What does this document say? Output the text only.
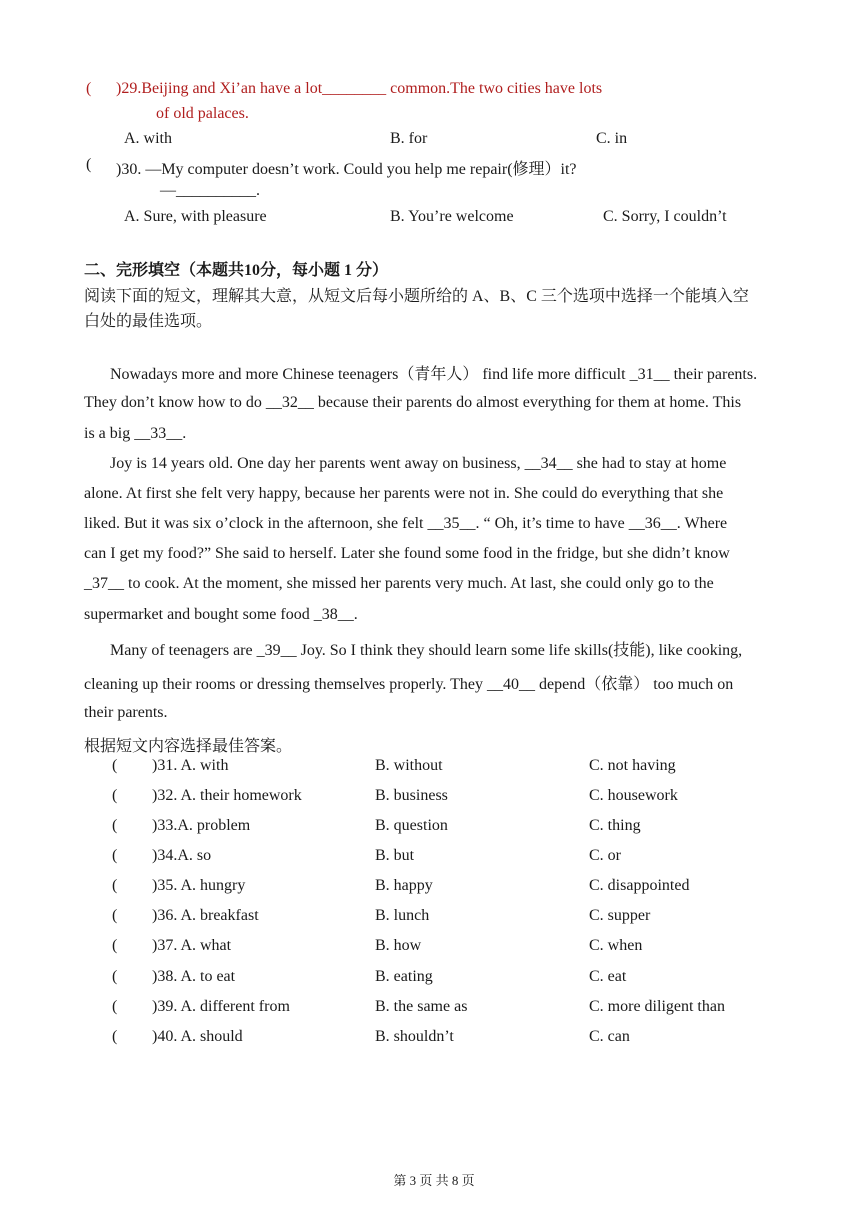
( )29.Beijing and Xi’an have a lot________ common.The two cities have lots
of old palaces.
A. with	B. for	C. in
( )30. —My computer doesn’t work. Could you help me repair(修理）it?
—__________.
A. Sure, with pleasure	B. You’re welcome	C. Sorry, I couldn’t
二、完形填空（本题共10分，每小题 1 分）
阅读下面的短文，理解其大意，从短文后每小题所给的 A、B、C 三个选项中选择一个能填入空
白处的最佳选项。
Nowadays more and more Chinese teenagers（青年人） find life more difficult _31__ their parents.
They don’t know how to do __32__ because their parents do almost everything for them at home. This
is a big __33__.
Joy is 14 years old. One day her parents went away on business, __34__ she had to stay at home
alone. At first she felt very happy, because her parents were not in. She could do everything that she
liked. But it was six o’clock in the afternoon, she felt __35__. “ Oh, it’s time to have __36__. Where
can I get my food?” She said to herself. Later she found some food in the fridge, but she didn’t know
_37__ to cook. At the moment, she missed her parents very much. At last, she could only go to the
supermarket and bought some food _38__.
Many of teenagers are _39__ Joy. So I think they should learn some life skills(技能), like cooking,
cleaning up their rooms or dressing themselves properly. They __40__ depend（依靠） too much on
their parents.
根据短文内容选择最佳答案。
( )31. A. with	B. without	C. not having
( )32. A. their homework	B. business	C. housework
( )33.A. problem	B. question	C. thing
( )34.A. so	B. but	C. or
( )35. A. hungry	B. happy	C. disappointed
( )36. A. breakfast	B. lunch	C. supper
( )37. A. what	B. how	C. when
( )38. A. to eat	B. eating	C. eat
( )39. A. different from	B. the same as	C. more diligent than
( )40. A. should	B. shouldn’t	C. can
第 3 页 共 8 页
